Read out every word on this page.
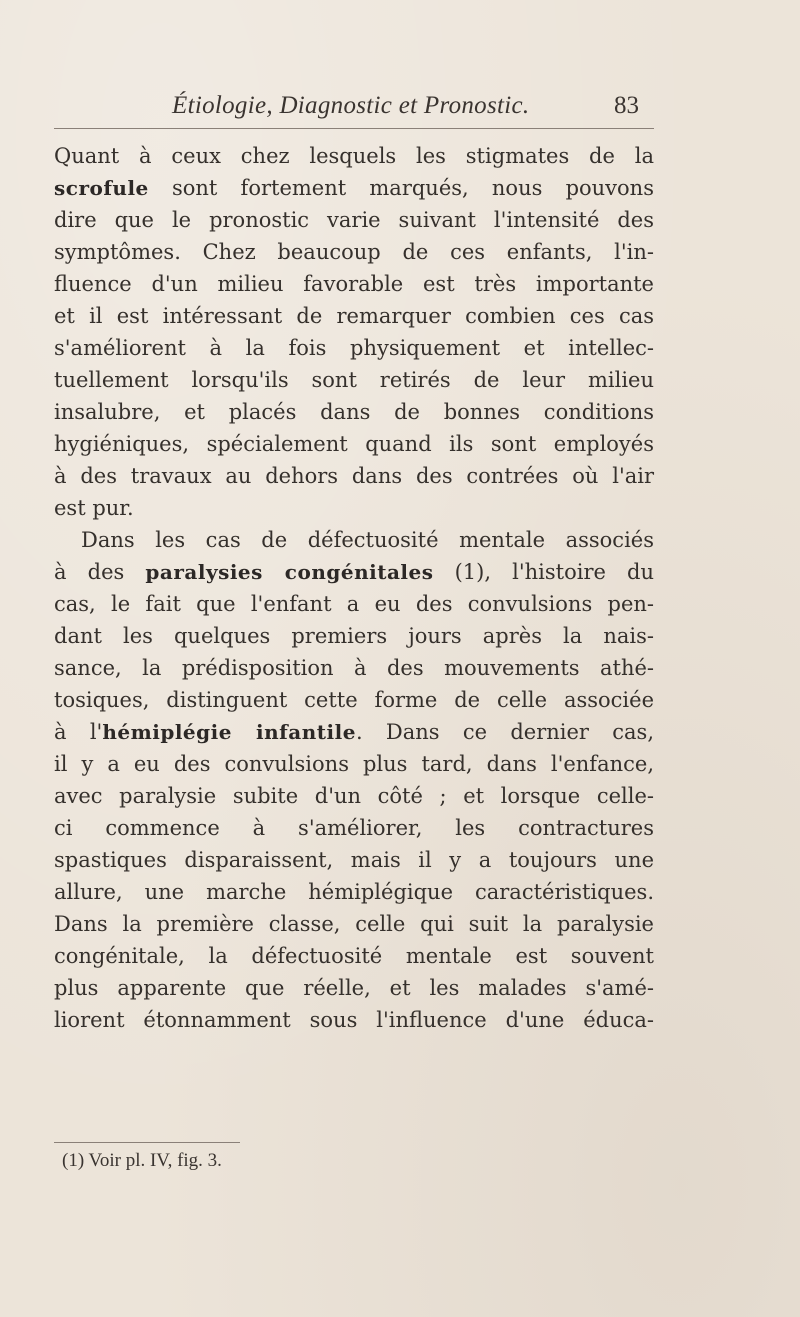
Étiologie, Diagnostic et Pronostic.	83
Quant à ceux chez lesquels les stigmates de la
scrofule sont fortement marqués, nous pouvons
dire que le pronostic varie suivant l'intensité des
symptômes. Chez beaucoup de ces enfants, l'in-
fluence d'un milieu favorable est très importante
et il est intéressant de remarquer combien ces cas
s'améliorent à la fois physiquement et intellec-
tuellement lorsqu'ils sont retirés de leur milieu
insalubre, et placés dans de bonnes conditions
hygiéniques, spécialement quand ils sont employés
à des travaux au dehors dans des contrées où l'air
est pur.
Dans les cas de défectuosité mentale associés
à des paralysies congénitales (1), l'histoire du
cas, le fait que l'enfant a eu des convulsions pen-
dant les quelques premiers jours après la nais-
sance, la prédisposition à des mouvements athé-
tosiques, distinguent cette forme de celle associée
à l'hémiplégie infantile. Dans ce dernier cas,
il y a eu des convulsions plus tard, dans l'enfance,
avec paralysie subite d'un côté ; et lorsque celle-
ci commence à s'améliorer, les contractures
spastiques disparaissent, mais il y a toujours une
allure, une marche hémiplégique caractéristiques.
Dans la première classe, celle qui suit la paralysie
congénitale, la défectuosité mentale est souvent
plus apparente que réelle, et les malades s'amé-
liorent étonnamment sous l'influence d'une éduca-
(1) Voir pl. IV, fig. 3.
